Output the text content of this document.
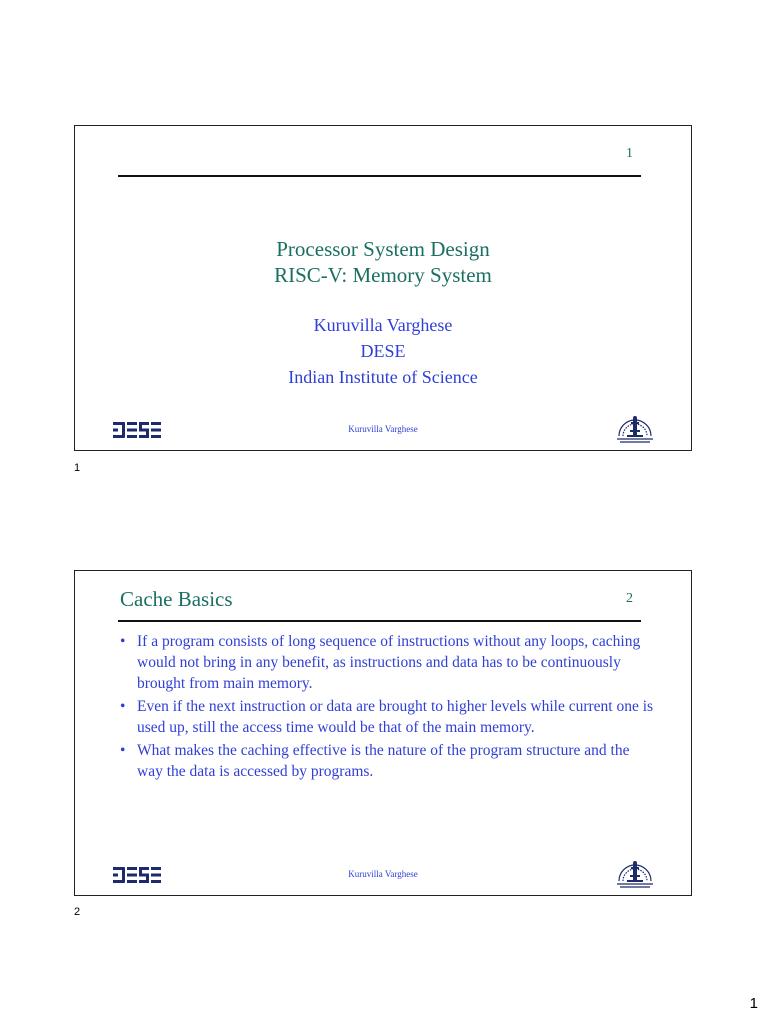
1
Processor System Design
RISC-V: Memory System
Kuruvilla Varghese
DESE
Indian Institute of Science
Kuruvilla Varghese
1
Cache Basics	2
• If a program consists of long sequence of instructions without any loops, caching would not bring in any benefit, as instructions and data has to be continuously brought from main memory.
• Even if the next instruction or data are brought to higher levels while current one is used up, still the access time would be that of the main memory.
• What makes the caching effective is the nature of the program structure and the way the data is accessed by programs.
Kuruvilla Varghese
2
1
